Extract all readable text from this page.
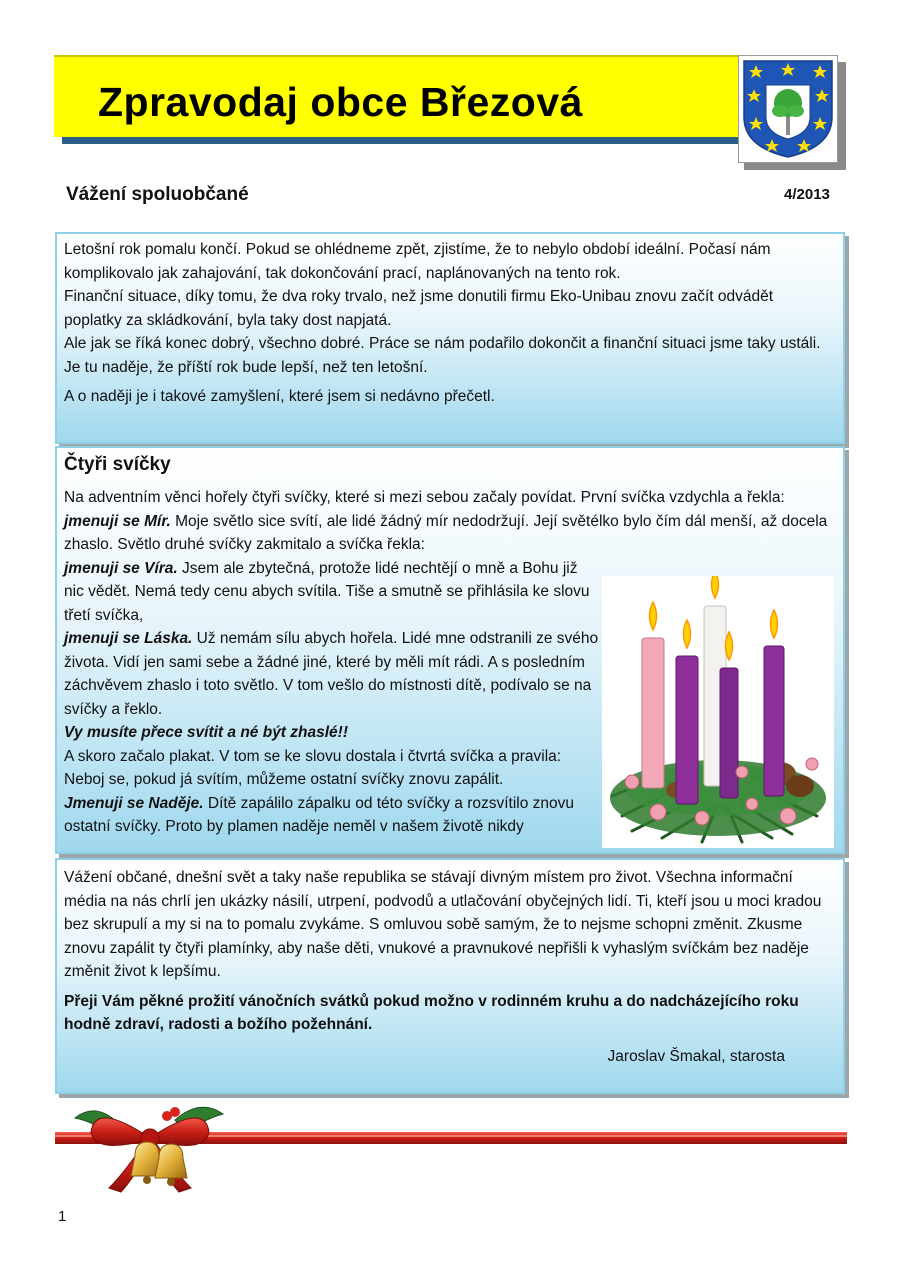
Zpravodaj obce Březová
Vážení spoluobčané	4/2013

Letošní rok pomalu končí. Pokud se ohlédneme zpět, zjistíme, že to nebylo období ideální. Počasí nám komplikovalo jak zahajování, tak dokončování prací, naplánovaných na tento rok.

Finanční situace, díky tomu, že dva roky trvalo, než jsme donutili firmu Eko-Unibau znovu začít odvádět poplatky za skládkování, byla taky dost napjatá.

Ale jak se říká konec dobrý, všechno dobré. Práce se nám podařilo dokončit a finanční situaci jsme taky ustáli. Je tu naděje, že příští rok bude lepší, než ten letošní.

A o naději je i takové zamyšlení, které jsem si nedávno přečetl.

Čtyři svíčky

Na adventním věnci hořely čtyři svíčky, které si mezi sebou začaly povídat. První svíčka vzdychla a řekla:

jmenuji se Mír. Moje světlo sice svítí, ale lidé žádný mír nedodržují. Její světélko bylo čím dál menší, až docela zhaslo. Světlo druhé svíčky zakmitalo a svíčka řekla:

jmenuji se Víra. Jsem ale zbytečná, protože lidé nechtějí o mně a Bohu již nic vědět. Nemá tedy cenu abych svítila. Tiše a smutně se přihlásila ke slovu třetí svíčka,

jmenuji se Láska. Už nemám sílu abych hořela. Lidé mne odstranili ze svého života. Vidí jen sami sebe a žádné jiné, které by měli mít rádi. A s posledním záchvěvem zhaslo i toto světlo. V tom vešlo do místnosti dítě, podívalo se na svíčky a řeklo.

Vy musíte přece svítit a né být zhaslé!!

A skoro začalo plakat. V tom se ke slovu dostala i čtvrtá svíčka a pravila: Neboj se, pokud já svítím, můžeme ostatní svíčky znovu zapálit.

Jmenuji se Naděje. Dítě zapálilo zápalku od této svíčky a rozsvítilo znovu ostatní svíčky. Proto by plamen naděje neměl v našem životě nikdy

Vážení občané, dnešní svět a taky naše republika se stávají divným místem pro život. Všechna informační média na nás chrlí jen ukázky násilí, utrpení, podvodů a utlačování obyčejných lidí. Ti, kteří jsou u moci kradou bez skrupulí a my si na to pomalu zvykáme. S omluvou sobě samým, že to nejsme schopni změnit. Zkusme znovu zapálit ty čtyři plamínky, aby naše děti, vnukové a pravnukové nepřišli k vyhaslým svíčkám bez naděje změnit život k lepšímu.

Přeji Vám pěkné prožití vánočních svátků pokud možno v rodinném kruhu a do nadcházejícího roku hodně zdraví, radosti a božího požehnání.

Jaroslav Šmakal, starosta

1
